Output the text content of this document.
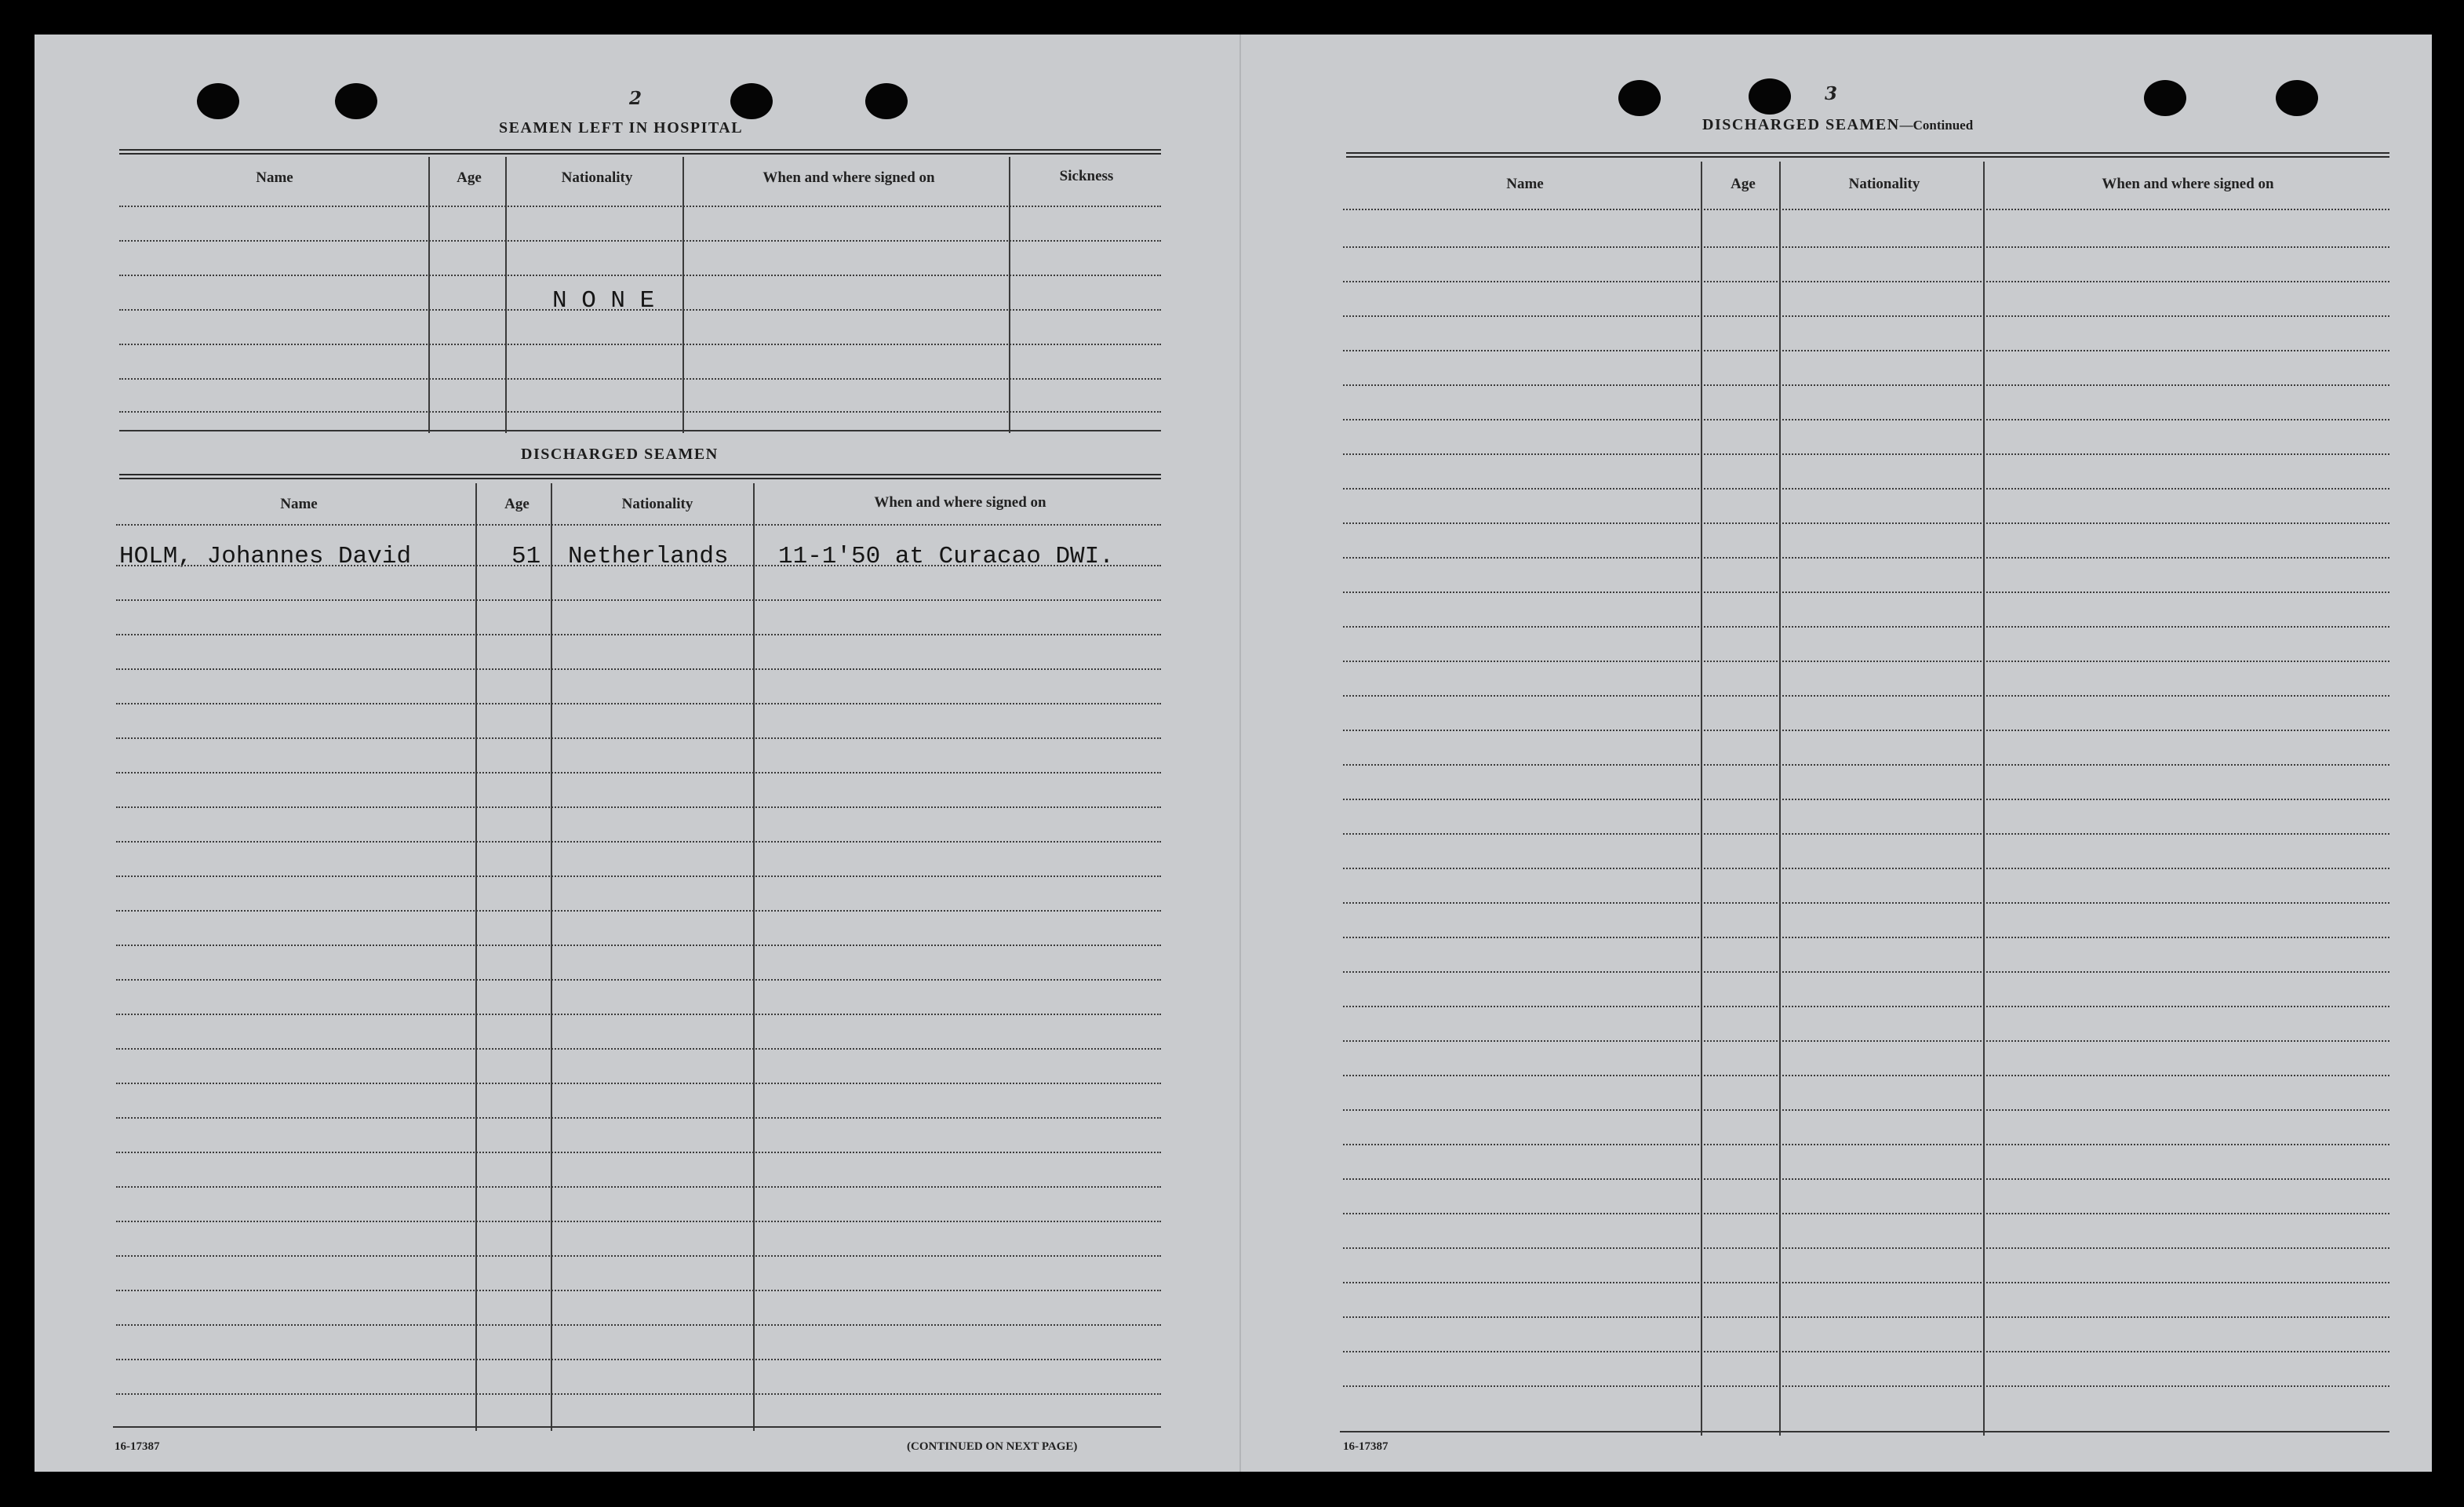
2
SEAMEN LEFT IN HOSPITAL
Name	Age	Nationality	When and where signed on	Sickness
N O N E
DISCHARGED SEAMEN
Name	Age	Nationality	When and where signed on
HOLM, Johannes David	51 Netherlands 11-1'50 at Curacao DWI.
16-17387	(CONTINUED ON NEXT PAGE)
3
DISCHARGED SEAMEN—Continued
Name	Age	Nationality	When and where signed on
16-17387
